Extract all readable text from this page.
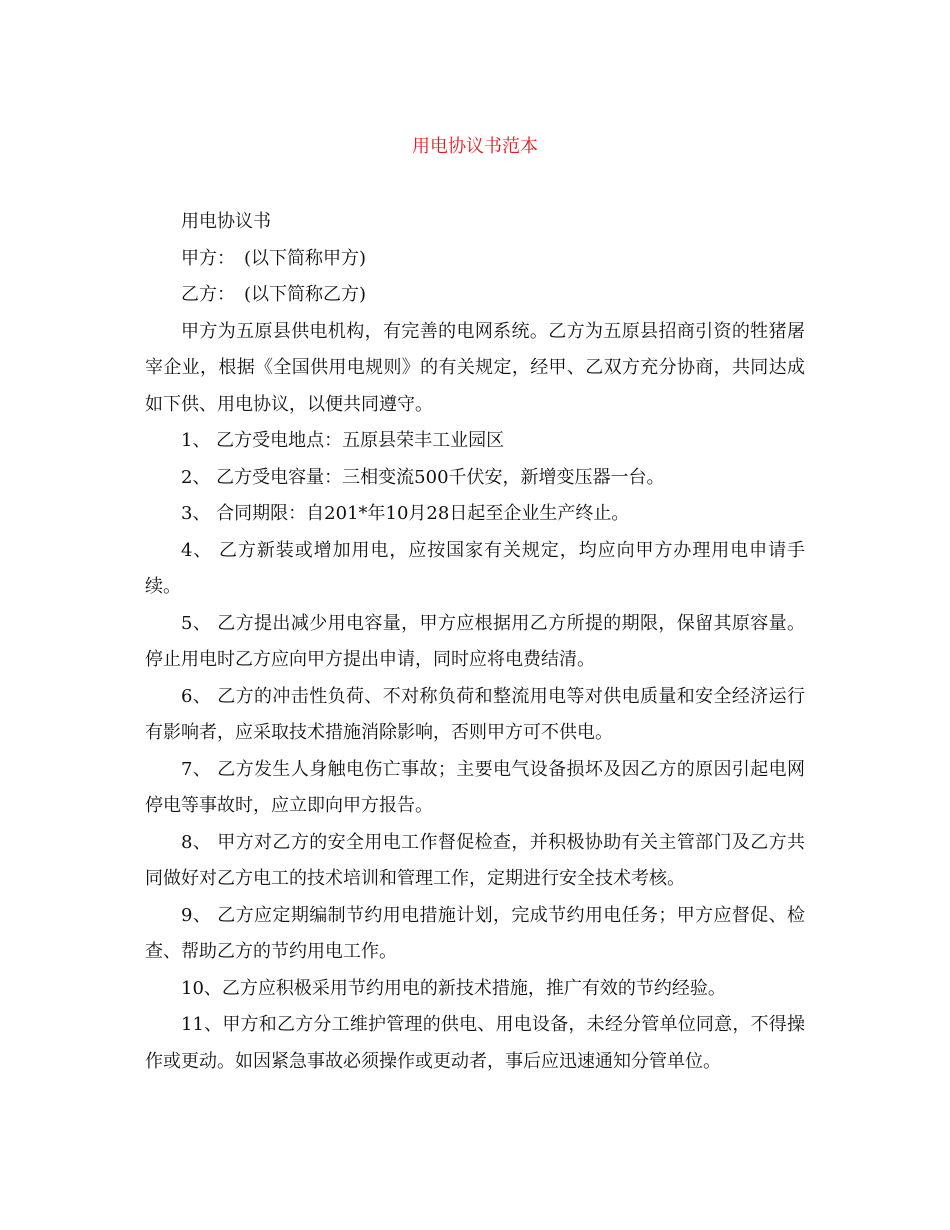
用电协议书范本

用电协议书

甲方：　(以下简称甲方)

乙方：　(以下简称乙方)

甲方为五原县供电机构，有完善的电网系统。乙方为五原县招商引资的牲猪屠宰企业，根据《全国供用电规则》的有关规定，经甲、乙双方充分协商，共同达成如下供、用电协议，以便共同遵守。

1、 乙方受电地点：五原县荣丰工业园区

2、 乙方受电容量：三相变流500千伏安，新增变压器一台。

3、 合同期限：自201*年10月28日起至企业生产终止。

4、 乙方新装或增加用电，应按国家有关规定，均应向甲方办理用电申请手续。

5、 乙方提出减少用电容量，甲方应根据用乙方所提的期限，保留其原容量。停止用电时乙方应向甲方提出申请，同时应将电费结清。

6、 乙方的冲击性负荷、不对称负荷和整流用电等对供电质量和安全经济运行有影响者，应采取技术措施消除影响，否则甲方可不供电。

7、 乙方发生人身触电伤亡事故；主要电气设备损坏及因乙方的原因引起电网停电等事故时，应立即向甲方报告。

8、 甲方对乙方的安全用电工作督促检查，并积极协助有关主管部门及乙方共同做好对乙方电工的技术培训和管理工作，定期进行安全技术考核。

9、 乙方应定期编制节约用电措施计划，完成节约用电任务；甲方应督促、检查、帮助乙方的节约用电工作。

10、乙方应积极采用节约用电的新技术措施，推广有效的节约经验。

11、甲方和乙方分工维护管理的供电、用电设备，未经分管单位同意，不得操作或更动。如因紧急事故必须操作或更动者，事后应迅速通知分管单位。
